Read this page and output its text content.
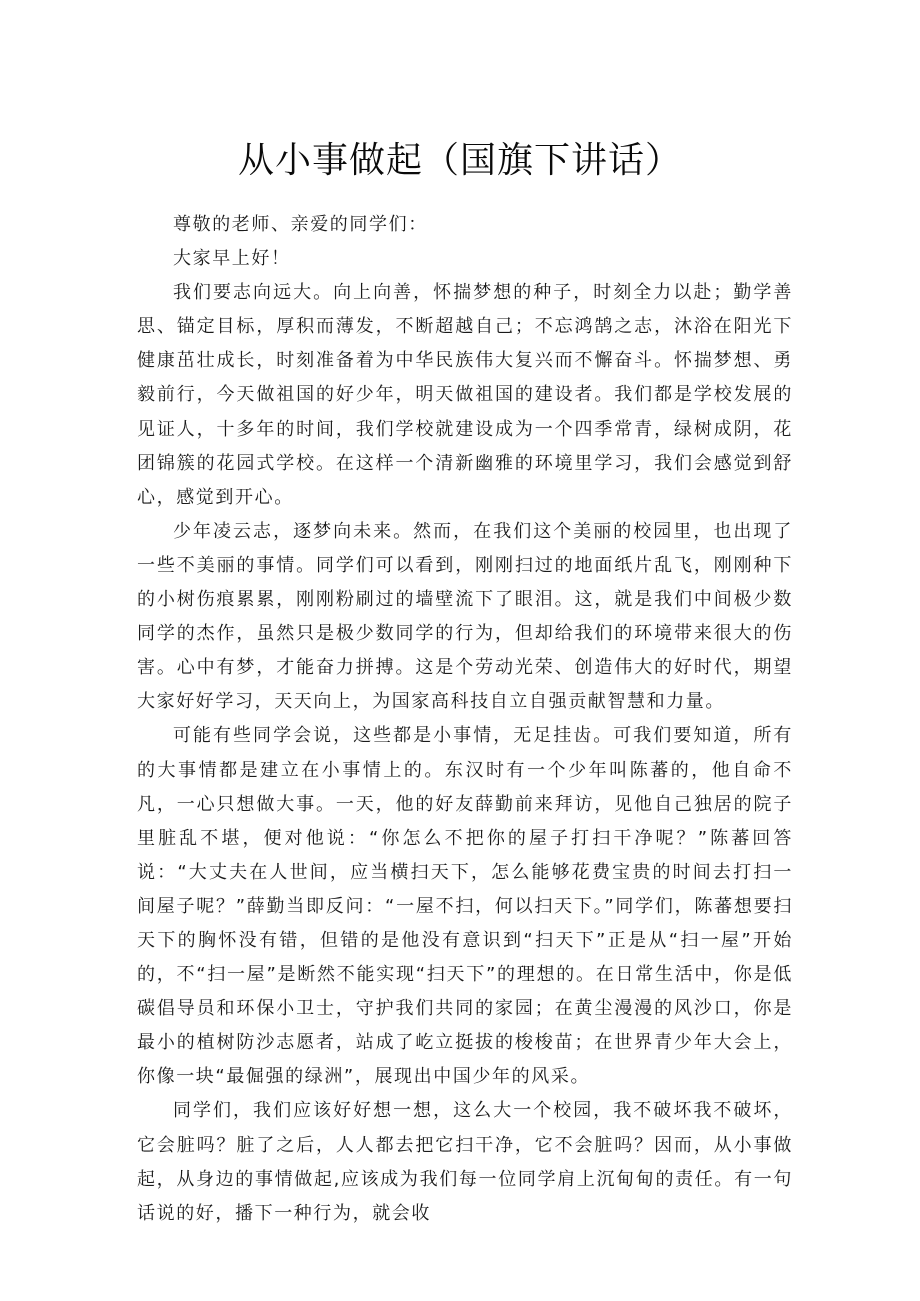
从小事做起（国旗下讲话）

尊敬的老师、亲爱的同学们：

大家早上好！

我们要志向远大。向上向善，怀揣梦想的种子，时刻全力以赴；勤学善思、锚定目标，厚积而薄发，不断超越自己；不忘鸿鹄之志，沐浴在阳光下健康茁壮成长，时刻准备着为中华民族伟大复兴而不懈奋斗。怀揣梦想、勇毅前行，今天做祖国的好少年，明天做祖国的建设者。我们都是学校发展的见证人，十多年的时间，我们学校就建设成为一个四季常青，绿树成阴，花团锦簇的花园式学校。在这样一个清新幽雅的环境里学习，我们会感觉到舒心，感觉到开心。

少年凌云志，逐梦向未来。然而，在我们这个美丽的校园里，也出现了一些不美丽的事情。同学们可以看到，刚刚扫过的地面纸片乱飞，刚刚种下的小树伤痕累累，刚刚粉刷过的墙壁流下了眼泪。这，就是我们中间极少数同学的杰作，虽然只是极少数同学的行为，但却给我们的环境带来很大的伤害。心中有梦，才能奋力拼搏。这是个劳动光荣、创造伟大的好时代，期望大家好好学习，天天向上，为国家高科技自立自强贡献智慧和力量。

可能有些同学会说，这些都是小事情，无足挂齿。可我们要知道，所有的大事情都是建立在小事情上的。东汉时有一个少年叫陈蕃的，他自命不凡，一心只想做大事。一天，他的好友薛勤前来拜访，见他自己独居的院子里脏乱不堪，便对他说：“你怎么不把你的屋子打扫干净呢？”陈蕃回答说：“大丈夫在人世间，应当横扫天下，怎么能够花费宝贵的时间去打扫一间屋子呢？”薛勤当即反问：“一屋不扫，何以扫天下。”同学们，陈蕃想要扫天下的胸怀没有错，但错的是他没有意识到“扫天下”正是从“扫一屋”开始的，不“扫一屋”是断然不能实现“扫天下”的理想的。在日常生活中，你是低碳倡导员和环保小卫士，守护我们共同的家园；在黄尘漫漫的风沙口，你是最小的植树防沙志愿者，站成了屹立挺拔的梭梭苗；在世界青少年大会上，你像一块“最倔强的绿洲”，展现出中国少年的风采。

同学们，我们应该好好想一想，这么大一个校园，我不破坏我不破坏，它会脏吗？脏了之后，人人都去把它扫干净，它不会脏吗？因而，从小事做起，从身边的事情做起,应该成为我们每一位同学肩上沉甸甸的责任。有一句话说的好，播下一种行为，就会收
